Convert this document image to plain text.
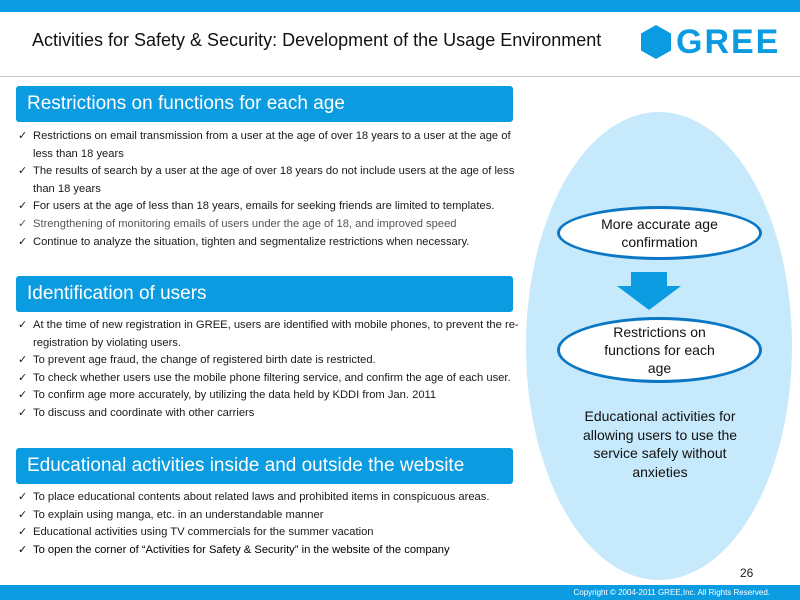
Activities for Safety & Security: Development of the Usage Environment GREE
Restrictions on functions for each age
✓ Restrictions on email transmission from a user at the age of over 18 years to a user at the age of less than 18 years
✓ The results of search by a user at the age of over 18 years do not include users at the age of less than 18 years
✓ For users at the age of less than 18 years, emails for seeking friends are limited to templates.
✓ Strengthening of monitoring emails of users under the age of 18, and improved speed
✓ Continue to analyze the situation, tighten and segmentalize restrictions when necessary.
Identification of users
✓ At the time of new registration in GREE, users are identified with mobile phones, to prevent the re-registration by violating users.
✓ To prevent age fraud, the change of registered birth date is restricted.
✓ To check whether users use the mobile phone filtering service, and confirm the age of each user.
✓ To confirm age more accurately, by utilizing the data held by KDDI from Jan. 2011
✓ To discuss and coordinate with other carriers
Educational activities inside and outside the website
✓ To place educational contents about related laws and prohibited items in conspicuous areas.
✓ To explain using manga, etc. in an understandable manner
✓ Educational activities using TV commercials for the summer vacation
✓ To open the corner of “Activities for Safety & Security” in the website of the company
More accurate age confirmation
Restrictions on functions for each age
Educational activities for allowing users to use the service safely without anxieties
26
Copyright © 2004-2011 GREE,Inc. All Rights Reserved.
